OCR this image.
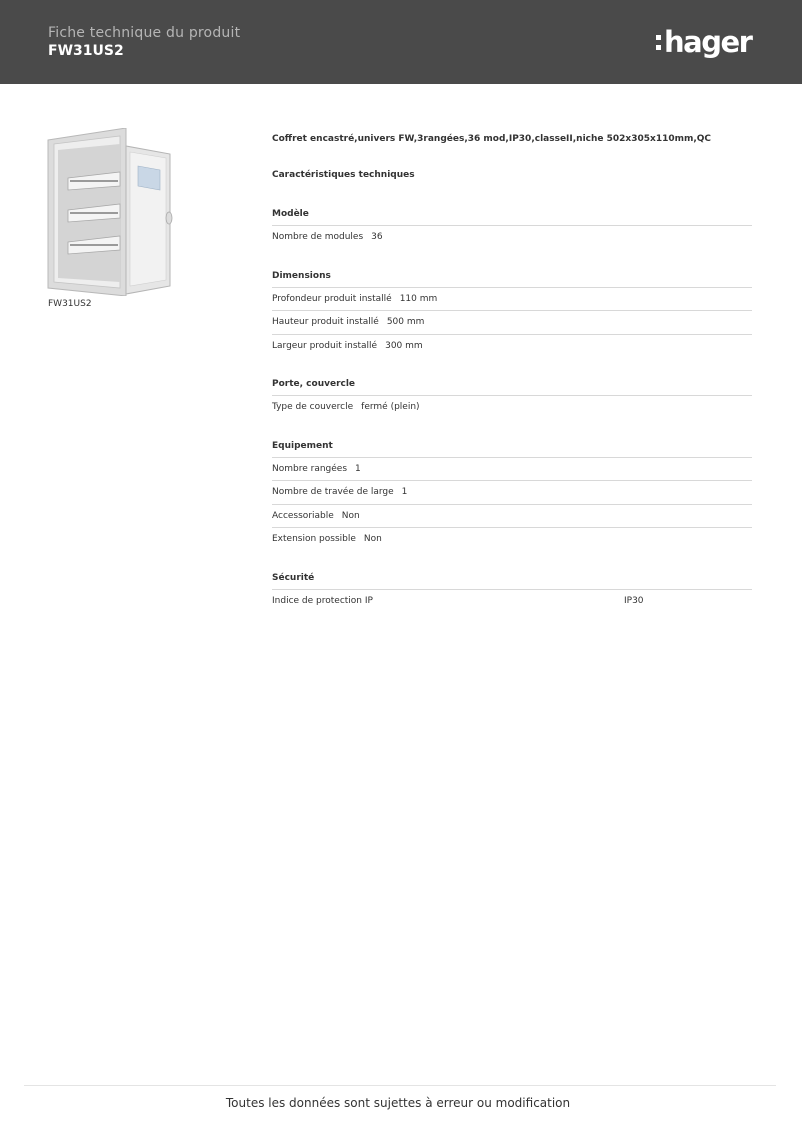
Fiche technique du produit
FW31US2	hager
FW31US2
Coffret encastré,univers FW,3rangées,36 mod,IP30,classeII,niche 502x305x110mm,QC
Caractéristiques techniques
Modèle
Nombre de modules 36
Dimensions
Profondeur produit installé 110 mm
Hauteur produit installé 500 mm
Largeur produit installé 300 mm
Porte, couvercle
Type de couvercle fermé (plein)
Equipement
Nombre rangées 1
Nombre de travée de large 1
Accessoriable Non
Extension possible Non
Sécurité
Indice de protection IP	IP30
Toutes les données sont sujettes à erreur ou modification
